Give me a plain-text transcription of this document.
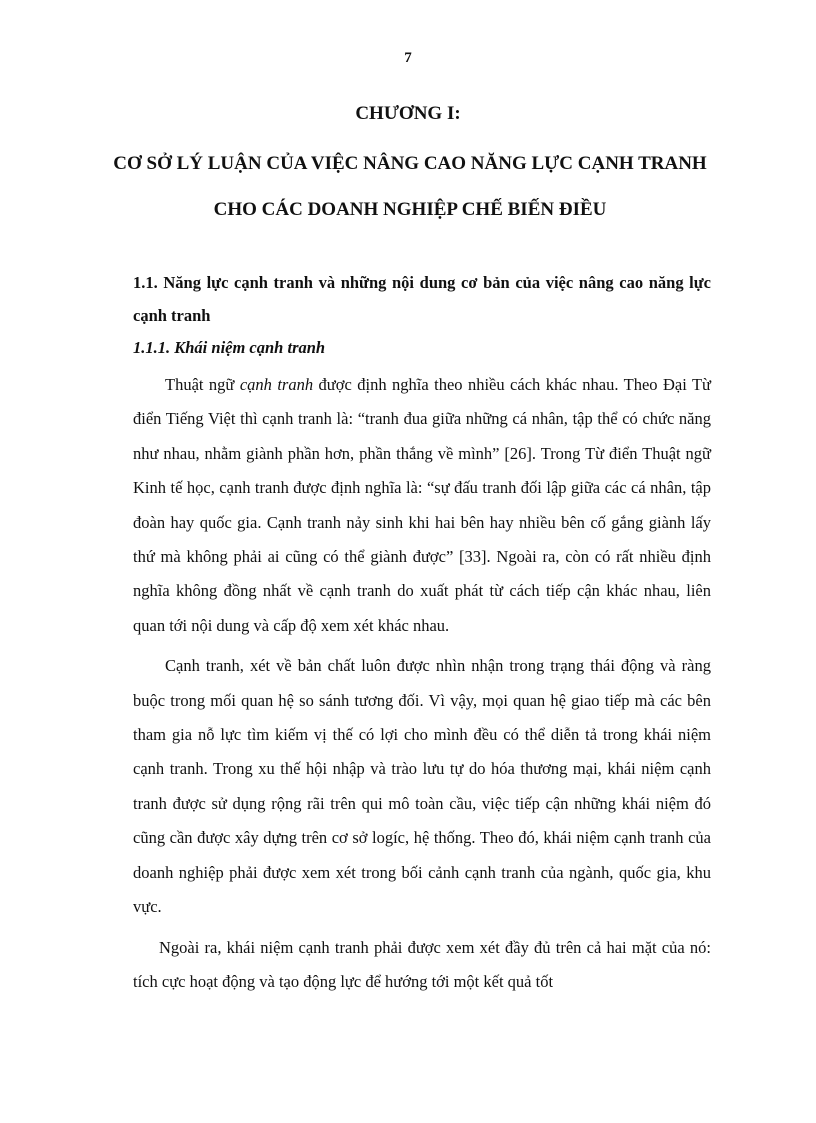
7
CHƯƠNG I:
CƠ SỞ LÝ LUẬN CỦA VIỆC NÂNG CAO NĂNG LỰC CẠNH TRANH CHO CÁC DOANH NGHIỆP CHẾ BIẾN ĐIỀU

1.1. Năng lực cạnh tranh và những nội dung cơ bản của việc nâng cao năng lực cạnh tranh

1.1.1. Khái niệm cạnh tranh

Thuật ngữ cạnh tranh được định nghĩa theo nhiều cách khác nhau. Theo Đại Từ điển Tiếng Việt thì cạnh tranh là: “tranh đua giữa những cá nhân, tập thể có chức năng như nhau, nhằm giành phần hơn, phần thắng về mình” [26]. Trong Từ điển Thuật ngữ Kinh tế học, cạnh tranh được định nghĩa là: “sự đấu tranh đối lập giữa các cá nhân, tập đoàn hay quốc gia. Cạnh tranh nảy sinh khi hai bên hay nhiều bên cố gắng giành lấy thứ mà không phải ai cũng có thể giành được” [33]. Ngoài ra, còn có rất nhiều định nghĩa không đồng nhất về cạnh tranh do xuất phát từ cách tiếp cận khác nhau, liên quan tới nội dung và cấp độ xem xét khác nhau.

Cạnh tranh, xét về bản chất luôn được nhìn nhận trong trạng thái động và ràng buộc trong mối quan hệ so sánh tương đối. Vì vậy, mọi quan hệ giao tiếp mà các bên tham gia nỗ lực tìm kiếm vị thế có lợi cho mình đều có thể diễn tả trong khái niệm cạnh tranh. Trong xu thế hội nhập và trào lưu tự do hóa thương mại, khái niệm cạnh tranh được sử dụng rộng rãi trên qui mô toàn cầu, việc tiếp cận những khái niệm đó cũng cần được xây dựng trên cơ sở logíc, hệ thống. Theo đó, khái niệm cạnh tranh của doanh nghiệp phải được xem xét trong bối cảnh cạnh tranh của ngành, quốc gia, khu vực.

Ngoài ra, khái niệm cạnh tranh phải được xem xét đầy đủ trên cả hai mặt của nó: tích cực hoạt động và tạo động lực để hướng tới một kết quả tốt
